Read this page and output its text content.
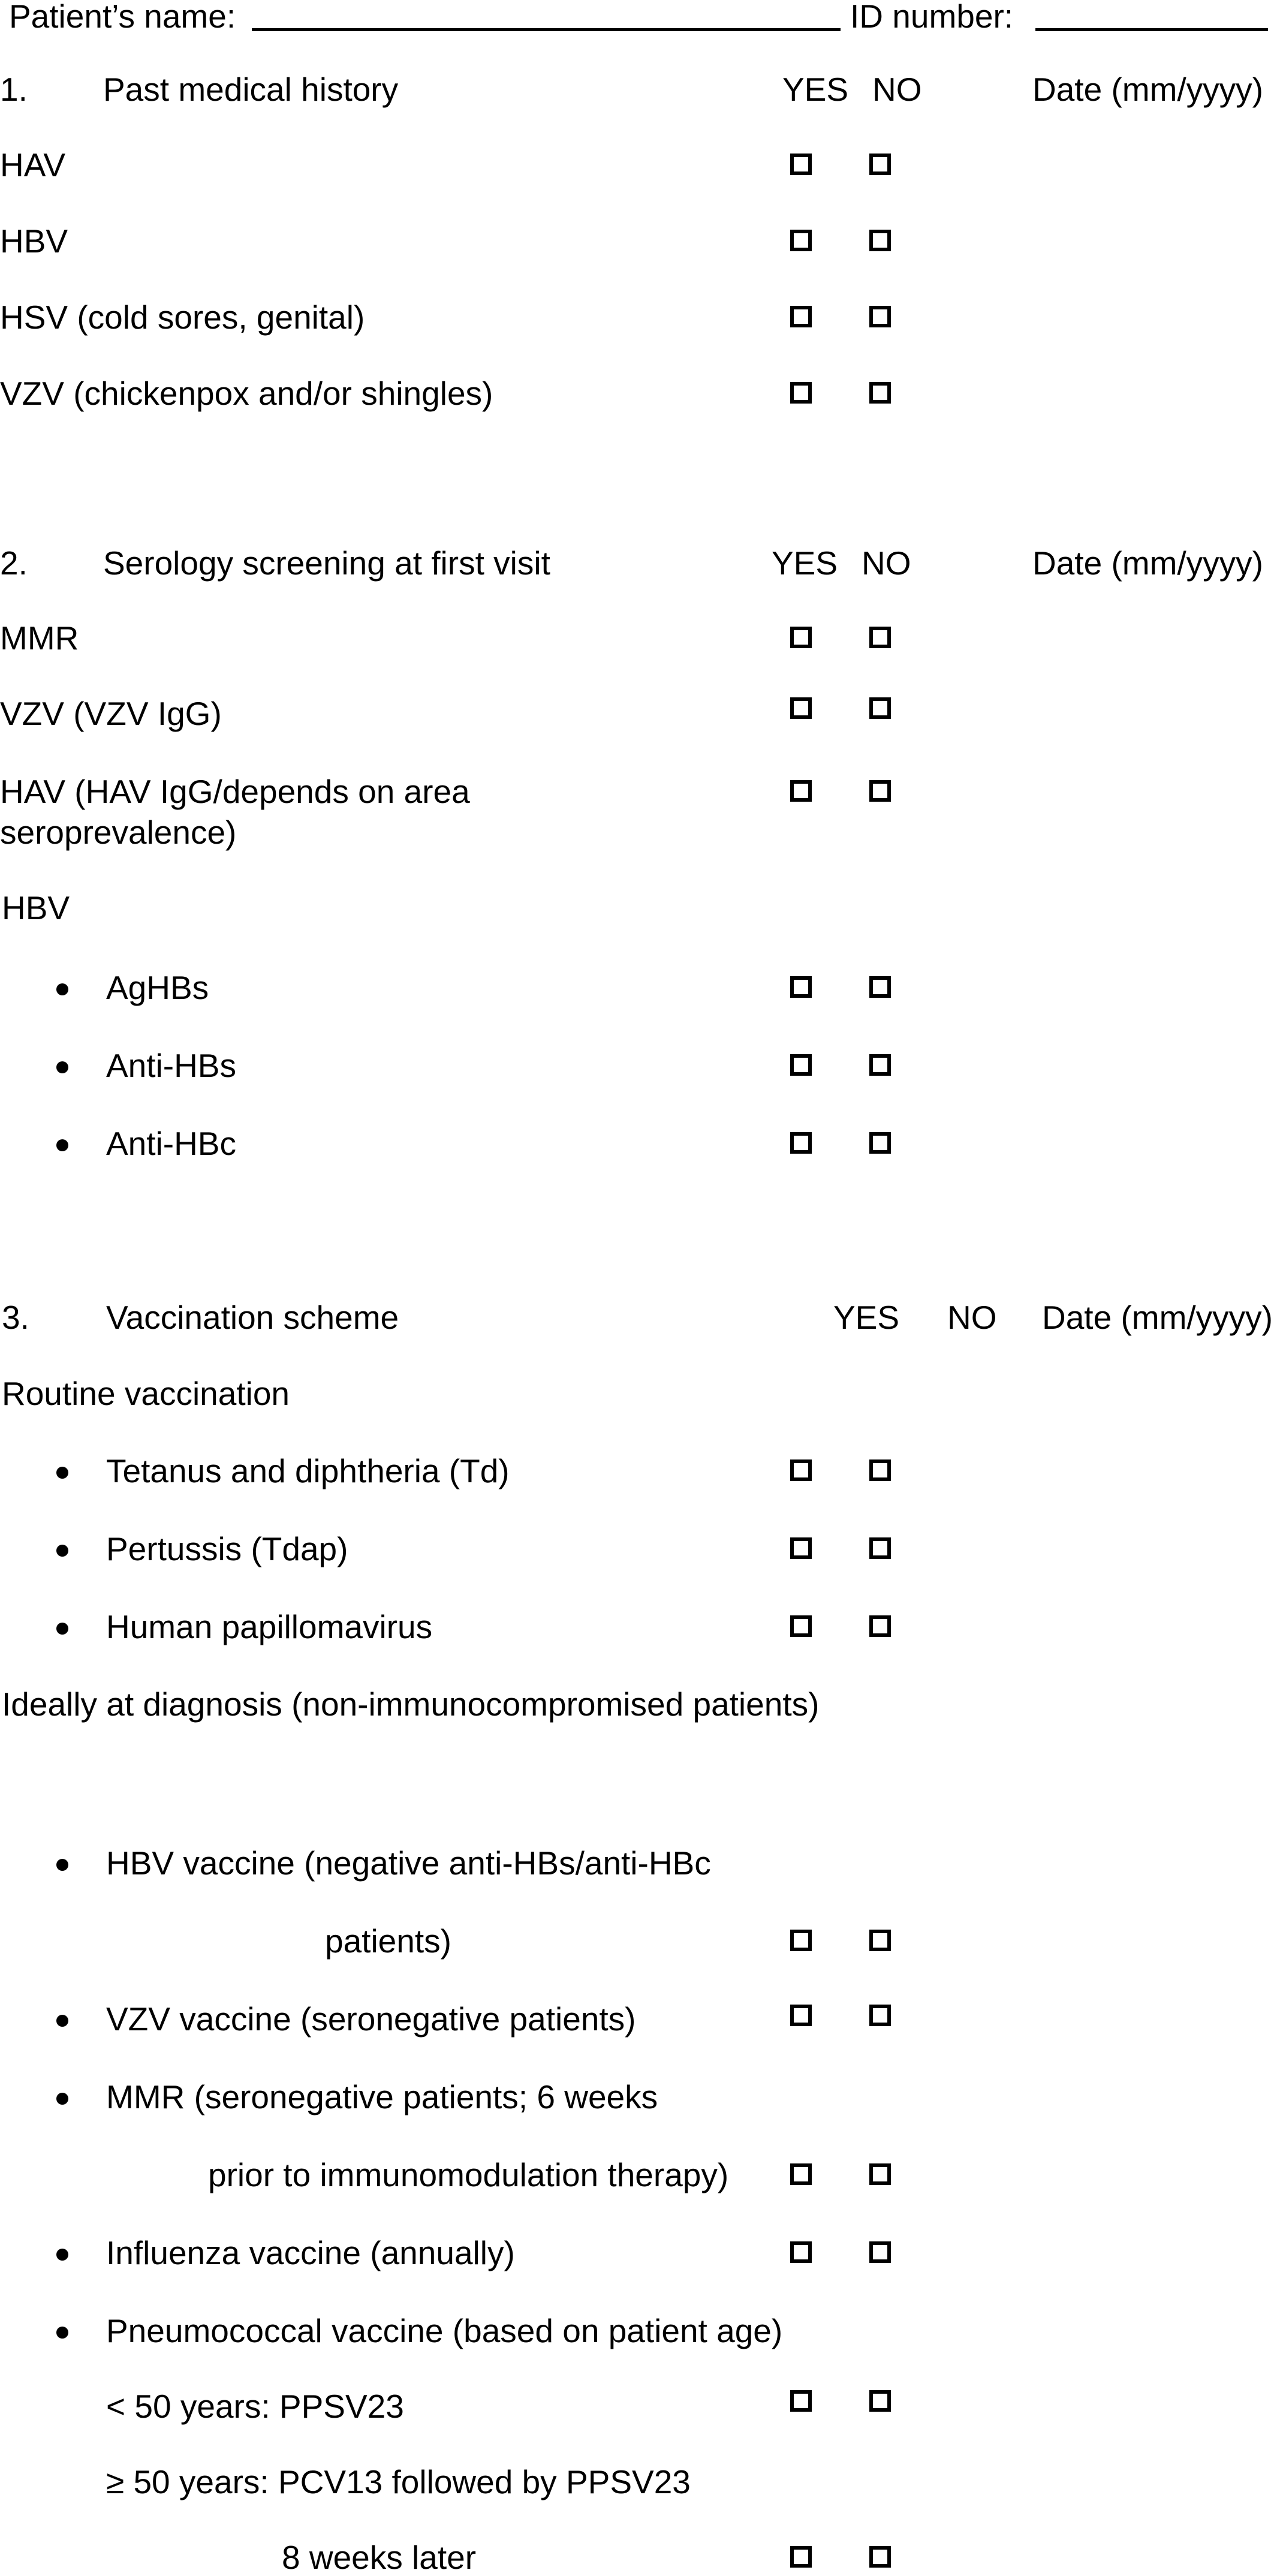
Patient’s name:	ID number:
1. Past medical history	YES NO	Date (mm/yyyy)
HAV
HBV
HSV (cold sores, genital)
VZV (chickenpox and/or shingles)
2. Serology screening at first visit	YES NO	Date (mm/yyyy)
MMR
VZV (VZV IgG)
HAV (HAV IgG/depends on area
seroprevalence)
HBV
AgHBs
Anti-HBs
Anti-HBc
3. Vaccination scheme	YES NO Date (mm/yyyy)
Routine vaccination
Tetanus and diphtheria (Td)
Pertussis (Tdap)
Human papillomavirus
Ideally at diagnosis (non-immunocompromised patients)
HBV vaccine (negative anti-HBs/anti-HBc
patients)
VZV vaccine (seronegative patients)
MMR (seronegative patients; 6 weeks
prior to immunomodulation therapy)
Influenza vaccine (annually)
Pneumococcal vaccine (based on patient age)
< 50 years: PPSV23
≥ 50 years: PCV13 followed by PPSV23
8 weeks later
